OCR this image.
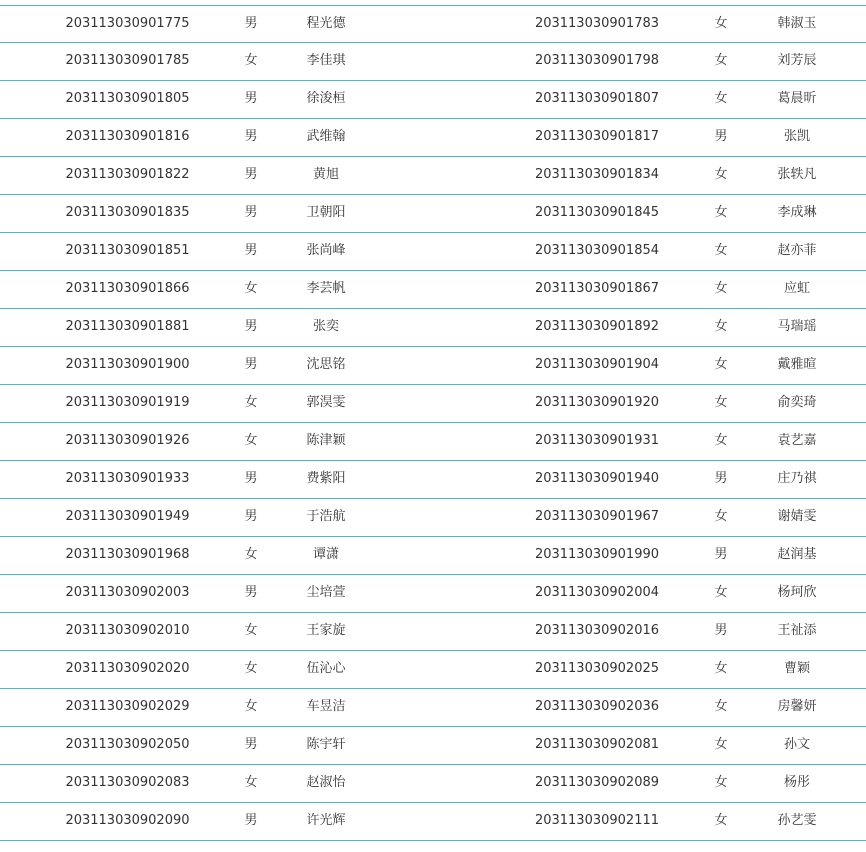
203113030901775	男	程光德	203113030901783	女	韩淑玉
203113030901785	女	李佳琪	203113030901798	女	刘芳辰
203113030901805	男	徐浚桓	203113030901807	女	葛晨昕
203113030901816	男	武维翰	203113030901817	男	张凯
203113030901822	男	黄旭	203113030901834	女	张轶凡
203113030901835	男	卫朝阳	203113030901845	女	李成琳
203113030901851	男	张尚峰	203113030901854	女	赵亦菲
203113030901866	女	李芸帆	203113030901867	女	应虹
203113030901881	男	张奕	203113030901892	女	马瑞瑶
203113030901900	男	沈思铭	203113030901904	女	戴雅暄
203113030901919	女	郭淏雯	203113030901920	女	俞奕琦
203113030901926	女	陈津颖	203113030901931	女	袁艺嘉
203113030901933	男	费紫阳	203113030901940	男	庄乃祺
203113030901949	男	于浩航	203113030901967	女	谢婧雯
203113030901968	女	谭潇	203113030901990	男	赵润基
203113030902003	男	尘培萱	203113030902004	女	杨珂欣
203113030902010	女	王家旋	203113030902016	男	王祉添
203113030902020	女	伍沁心	203113030902025	女	曹颖
203113030902029	女	车昱洁	203113030902036	女	房馨妍
203113030902050	男	陈宇轩	203113030902081	女	孙文
203113030902083	女	赵淑怡	203113030902089	女	杨彤
203113030902090	男	许光辉	203113030902111	女	孙艺雯
